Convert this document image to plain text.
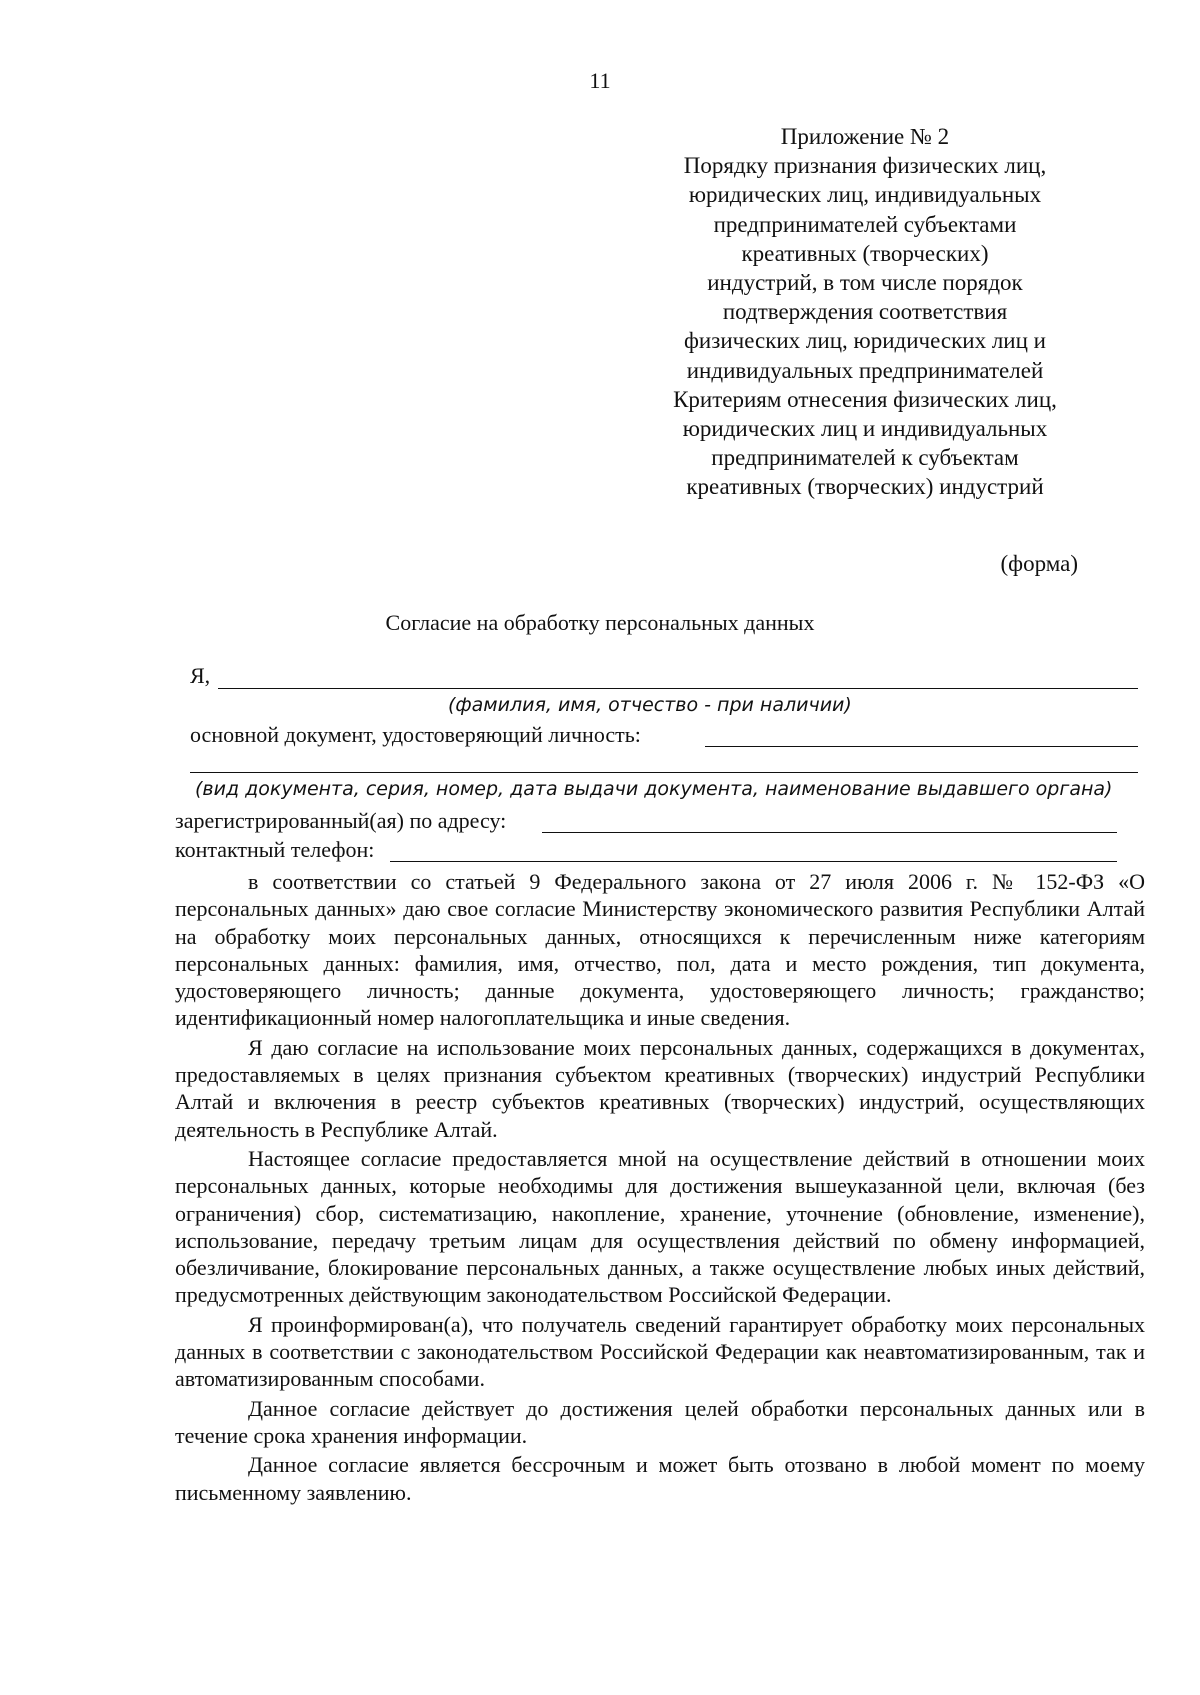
11
Приложение № 2
Порядку признания физических лиц,
юридических лиц, индивидуальных
предпринимателей субъектами
креативных (творческих)
индустрий, в том числе порядок
подтверждения соответствия
физических лиц, юридических лиц и
индивидуальных предпринимателей
Критериям отнесения физических лиц,
юридических лиц и индивидуальных
предпринимателей к субъектам
креативных (творческих) индустрий
(форма)
Согласие на обработку персональных данных
Я,
(фамилия, имя, отчество - при наличии)
основной документ, удостоверяющий личность:
(вид документа, серия, номер, дата выдачи документа, наименование выдавшего органа)
зарегистрированный(ая) по адресу:
контактный телефон:

в соответствии со статьей 9 Федерального закона от 27 июля 2006 г. № 152-ФЗ «О персональных данных» даю свое согласие Министерству экономического развития Республики Алтай на обработку моих персональных данных, относящихся к перечисленным ниже категориям персональных данных: фамилия, имя, отчество, пол, дата и место рождения, тип документа, удостоверяющего личность; данные документа, удостоверяющего личность; гражданство; идентификационный номер налогоплательщика и иные сведения.

Я даю согласие на использование моих персональных данных, содержащихся в документах, предоставляемых в целях признания субъектом креативных (творческих) индустрий Республики Алтай и включения в реестр субъектов креативных (творческих) индустрий, осуществляющих деятельность в Республике Алтай.

Настоящее согласие предоставляется мной на осуществление действий в отношении моих персональных данных, которые необходимы для достижения вышеуказанной цели, включая (без ограничения) сбор, систематизацию, накопление, хранение, уточнение (обновление, изменение), использование, передачу третьим лицам для осуществления действий по обмену информацией, обезличивание, блокирование персональных данных, а также осуществление любых иных действий, предусмотренных действующим законодательством Российской Федерации.

Я проинформирован(а), что получатель сведений гарантирует обработку моих персональных данных в соответствии с законодательством Российской Федерации как неавтоматизированным, так и автоматизированным способами.

Данное согласие действует до достижения целей обработки персональных данных или в течение срока хранения информации.

Данное согласие является бессрочным и может быть отозвано в любой момент по моему письменному заявлению.
